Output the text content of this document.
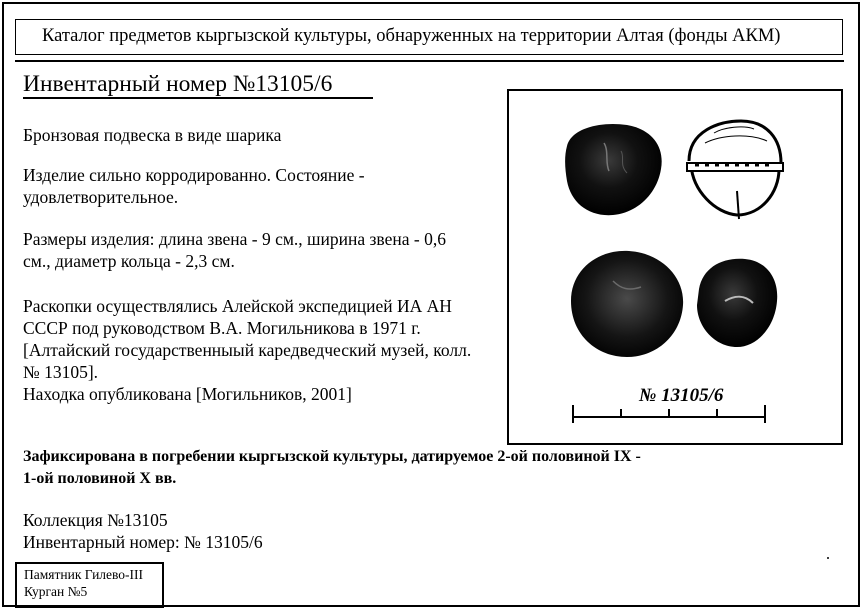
Каталог предметов кыргызской культуры, обнаруженных на территории Алтая (фонды АКМ)
Инвентарный номер №13105/6
Бронзовая подвеска в виде шарика
Изделие сильно корродированно. Состояние -
удовлетворительное.
Размеры изделия: длина звена - 9 см., ширина звена - 0,6
см., диаметр кольца - 2,3 см.
Раскопки осуществлялись Алейской экспедицией ИА АН
СССР под руководством В.А. Могильникова в 1971 г.
[Алтайский государственныый каредведческий музей, колл.
№ 13105].
Находка опубликована [Могильников, 2001]
Зафиксирована в погребении кыргызской культуры, датируемое 2-ой половиной IX -
1-ой половиной X вв.
Коллекция №13105
Инвентарный номер: № 13105/6
№ 13105/6
Памятник Гилево-III
Курган №5
